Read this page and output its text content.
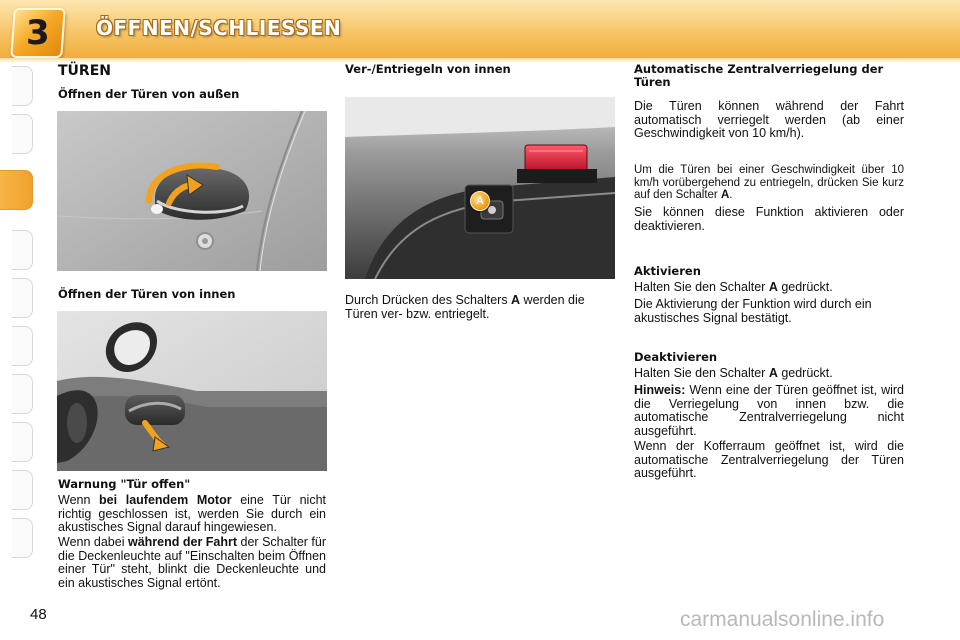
3 ÖFFNEN/SCHLIESSEN
TÜREN
Öffnen der Türen von außen
Öffnen der Türen von innen
Warnung "Tür offen"
Wenn bei laufendem Motor eine Tür nicht richtig geschlossen ist, werden Sie durch ein akustisches Signal darauf hingewiesen.
Wenn dabei während der Fahrt der Schalter für die Deckenleuchte auf "Einschalten beim Öffnen einer Tür" steht, blinkt die Deckenleuchte und ein akustisches Signal ertönt.
Ver-/Entriegeln von innen
A
Durch Drücken des Schalters A werden die Türen ver- bzw. entriegelt.
Automatische Zentralverriegelung der Türen
Die Türen können während der Fahrt automatisch verriegelt werden (ab einer Geschwindigkeit von 10 km/h).
Um die Türen bei einer Geschwindigkeit über 10 km/h vorübergehend zu entriegeln, drücken Sie kurz auf den Schalter A.
Sie können diese Funktion aktivieren oder deaktivieren.
Aktivieren
Halten Sie den Schalter A gedrückt.
Die Aktivierung der Funktion wird durch ein akustisches Signal bestätigt.
Deaktivieren
Halten Sie den Schalter A gedrückt.
Hinweis: Wenn eine der Türen geöffnet ist, wird die Verriegelung von innen bzw. die automatische Zentralverriegelung nicht ausgeführt.
Wenn der Kofferraum geöffnet ist, wird die automatische Zentralverriegelung der Türen ausgeführt.
48	carmanualsonline.info
